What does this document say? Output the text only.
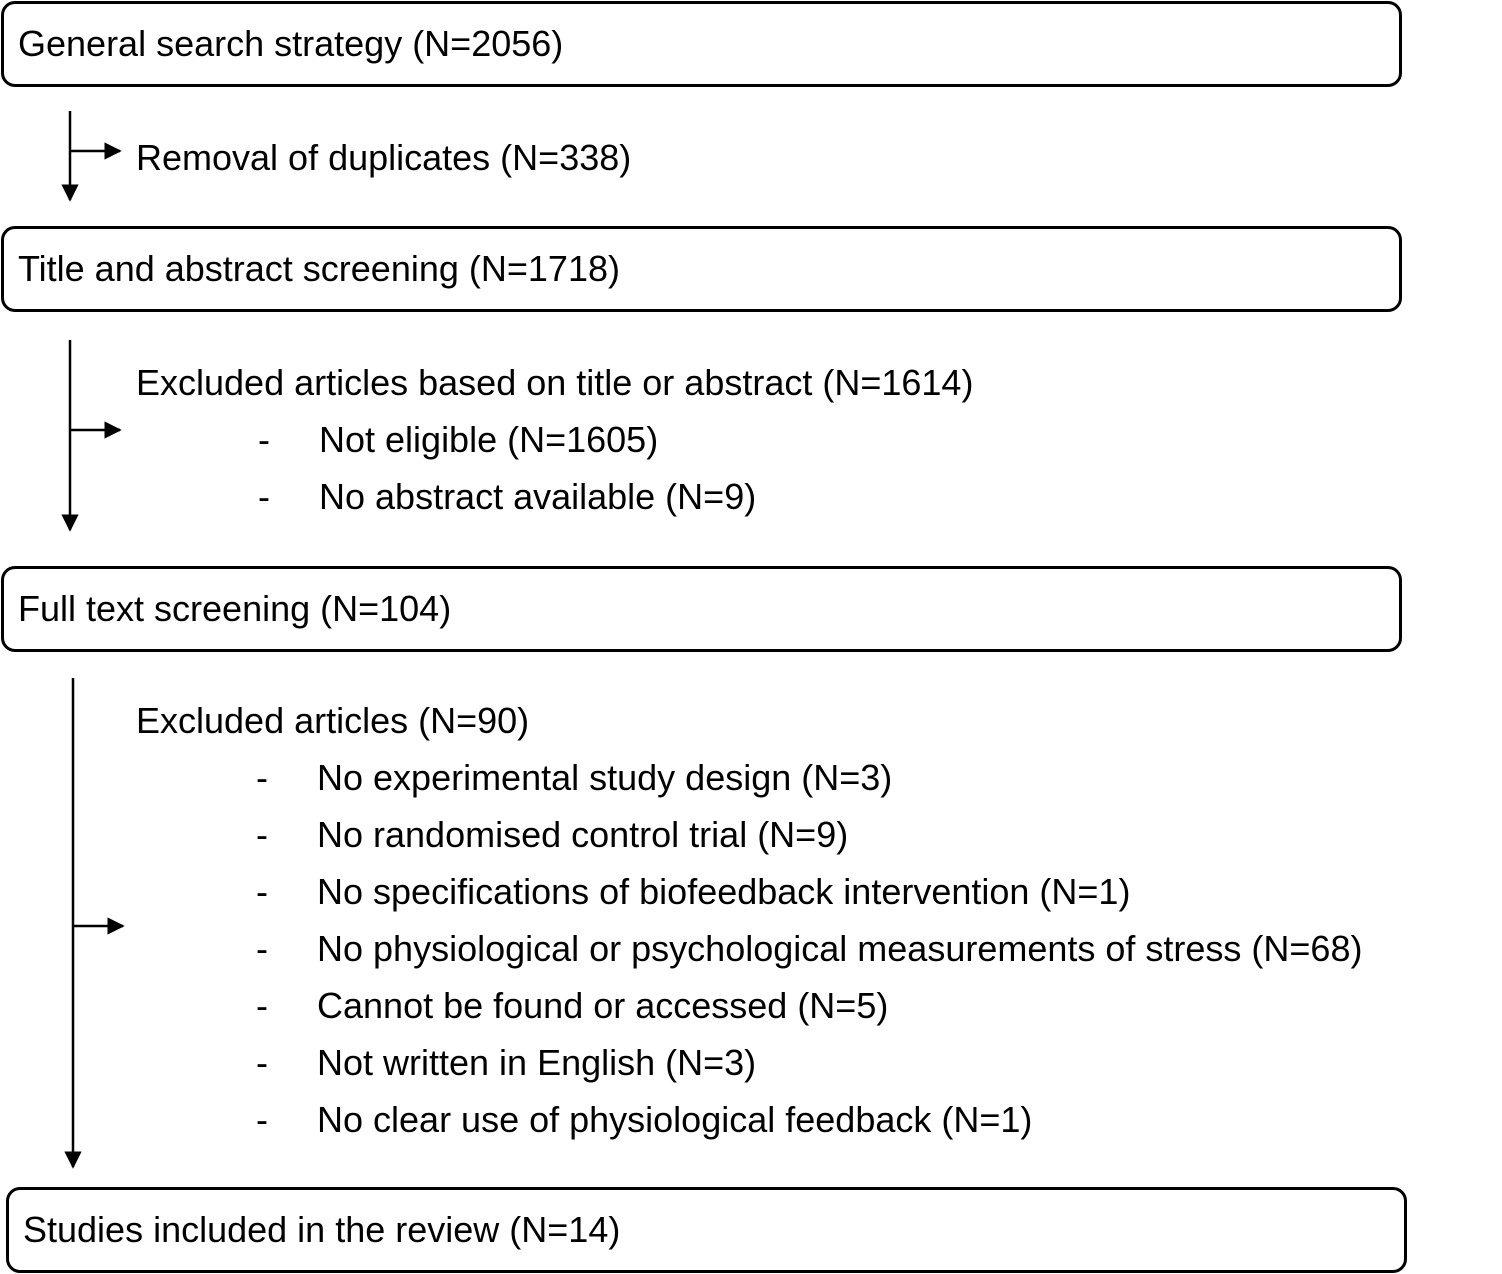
General search strategy (N=2056)
Title and abstract screening (N=1718)
Full text screening (N=104)
Studies included in the review (N=14)
Removal of duplicates (N=338)
Excluded articles based on title or abstract (N=1614)
- Not eligible (N=1605)
- No abstract available (N=9)
Excluded articles (N=90)
- No experimental study design (N=3)
- No randomised control trial (N=9)
- No specifications of biofeedback intervention (N=1)
- No physiological or psychological measurements of stress (N=68)
- Cannot be found or accessed (N=5)
- Not written in English (N=3)
- No clear use of physiological feedback (N=1)
